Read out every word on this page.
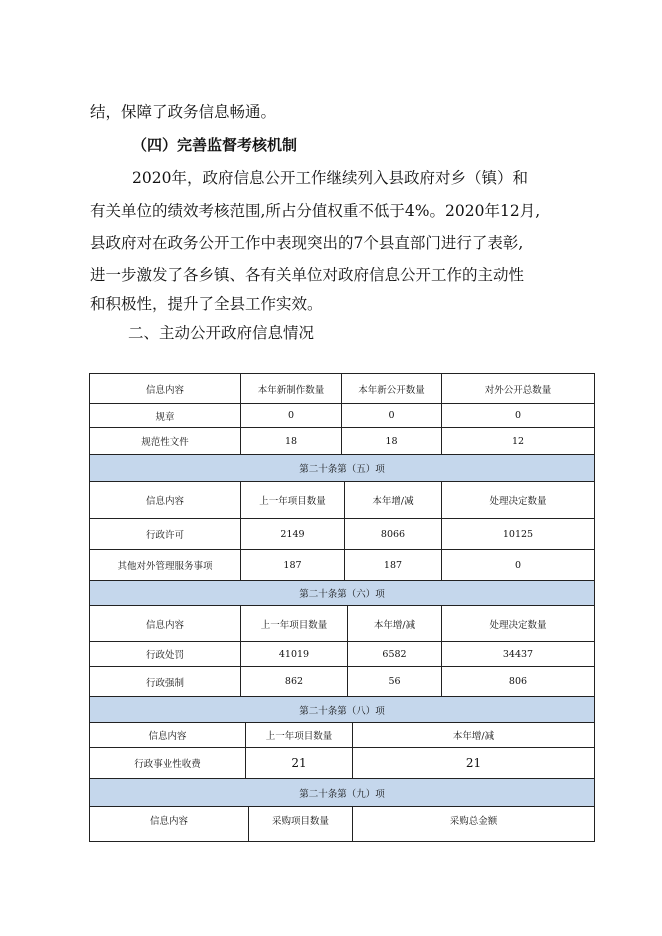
结，保障了政务信息畅通。
（四）完善监督考核机制
2020年，政府信息公开工作继续列入县政府对乡（镇）和
有关单位的绩效考核范围,所占分值权重不低于4%。2020年12月,
县政府对在政务公开工作中表现突出的7个县直部门进行了表彰,
进一步激发了各乡镇、各有关单位对政府信息公开工作的主动性
和积极性，提升了全县工作实效。
二、主动公开政府信息情况
信息内容	本年新制作数量	本年新公开数量	对外公开总数量
规章	0	0	0
规范性文件	18	18	12
第二十条第（五）项
信息内容	上一年项目数量	本年增/减	处理决定数量
行政许可	2149	8066	10125
其他对外管理服务事项	187	187	0
第二十条第（六）项
信息内容	上一年项目数量	本年增/减	处理决定数量
行政处罚	41019	6582	34437
行政强制	862	56	806
第二十条第（八）项
信息内容	上一年项目数量	本年增/减
行政事业性收费	21	21
第二十条第（九）项
信息内容	采购项目数量	采购总金额
